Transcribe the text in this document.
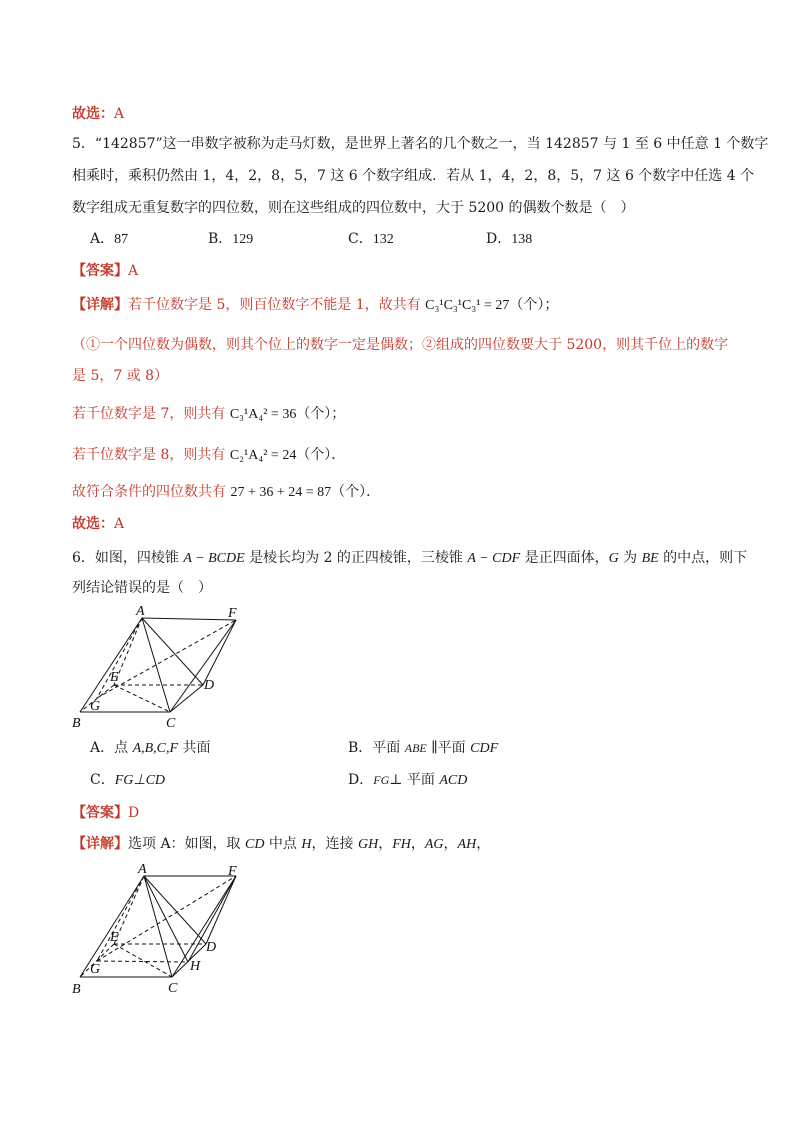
故选：A
5．“142857”这一串数字被称为走马灯数，是世界上著名的几个数之一，当 142857 与 1 至 6 中任意 1 个数字
相乘时，乘积仍然由 1，4，2，8，5，7 这 6 个数字组成．若从 1，4，2，8，5，7 这 6 个数字中任选 4 个
数字组成无重复数字的四位数，则在这些组成的四位数中，大于 5200 的偶数个数是（　）
A．87	B．129	C．132	D．138
【答案】A
【详解】若千位数字是 5，则百位数字不能是 1，故共有 C₃¹C₃¹C₃¹ = 27（个）；
（①一个四位数为偶数，则其个位上的数字一定是偶数；②组成的四位数要大于 5200，则其千位上的数字
是 5，7 或 8）
若千位数字是 7，则共有 C₃¹A₄² = 36（个）；
若千位数字是 8，则共有 C₂¹A₄² = 24（个）．
故符合条件的四位数共有 27 + 36 + 24 = 87（个）．
故选：A
6．如图，四棱锥 A − BCDE 是棱长均为 2 的正四棱锥，三棱锥 A − CDF 是正四面体，G 为 BE 的中点，则下
列结论错误的是（　）
A	F
E
D
G
B	C
A．点 A,B,C,F 共面	B．平面 ABE ∥平面 CDF
C．FG⊥CD	D．FG⊥ 平面 ACD
【答案】D
【详解】选项 A：如图，取 CD 中点 H，连接 GH，FH，AG，AH，
A	F
E
D
G	H
B	C
